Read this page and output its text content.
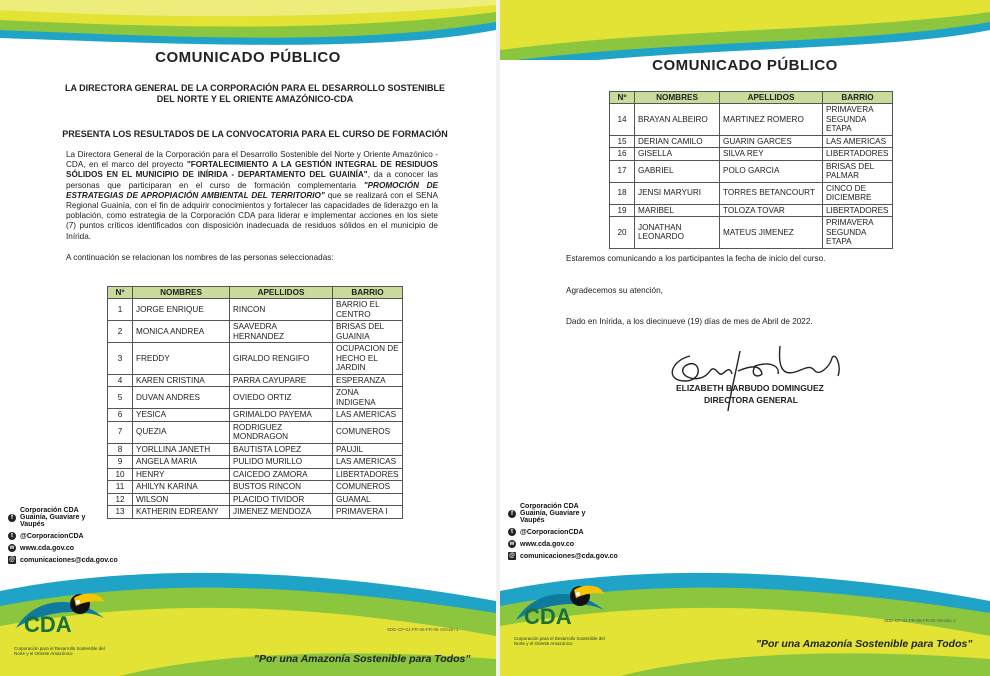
COMUNICADO PÚBLICO
LA DIRECTORA GENERAL DE LA CORPORACIÓN PARA EL DESARROLLO SOSTENIBLE
DEL NORTE Y EL ORIENTE AMAZÓNICO-CDA
PRESENTA LOS RESULTADOS DE LA CONVOCATORIA PARA EL CURSO DE FORMACIÓN
La Directora General de la Corporación para el Desarrollo Sostenible del Norte y Oriente Amazónico - CDA, en el marco del proyecto "FORTALECIMIENTO A LA GESTIÓN INTEGRAL DE RESIDUOS SÓLIDOS EN EL MUNICIPIO DE INÍRIDA - DEPARTAMENTO DEL GUAINÍA", da a conocer las personas que participaran en el curso de formación complementaria "PROMOCIÓN DE ESTRATEGIAS DE APROPIACIÓN AMBIENTAL DEL TERRITORIO" que se realizará con el SENA Regional Guainía, con el fin de adquirir conocimientos y fortalecer las capacidades de liderazgo en la población, como estrategia de la Corporación CDA para liderar e implementar acciones en los siete (7) puntos críticos identificados con disposición inadecuada de residuos sólidos en el municipio de Inírida.
A continuación se relacionan los nombres de las personas seleccionadas:
Nº	NOMBRES	APELLIDOS	BARRIO
1	JORGE ENRIQUE	RINCON	BARRIO EL CENTRO
2	MONICA ANDREA	SAAVEDRA HERNANDEZ	BRISAS DEL GUAINIA
3	FREDDY	GIRALDO RENGIFO	OCUPACION DE HECHO EL JARDIN
4	KAREN CRISTINA	PARRA CAYUPARE	ESPERANZA
5	DUVAN ANDRES	OVIEDO ORTIZ	ZONA INDIGENA
6	YESICA	GRIMALDO PAYEMA	LAS AMERICAS
7	QUEZIA	RODRIGUEZ MONDRAGON	COMUNEROS
8	YORLLINA JANETH	BAUTISTA LOPEZ	PAUJIL
9	ANGELA MARIA	PULIDO MURILLO	LAS AMERICAS
10	HENRY	CAICEDO ZAMORA	LIBERTADORES
11	AHILYN KARINA	BUSTOS RINCON	COMUNEROS
12	WILSON	PLACIDO TIVIDOR	GUAMAL
13	KATHERIN EDREANY	JIMENEZ MENDOZA	PRIMAVERA I
f
Corporación CDA Guainía, Guaviare y Vaupés
t	@CorporacionCDA
w www.cda.gov.co
@ comunicaciones@cda.gov.co
CDA
Corporación para el Desarrollo Sostenible del Norte y el Oriente Amazónico
SDE-CP-01-FR-06-FR-06 Versión 1
"Por una Amazonía Sostenible para Todos"
COMUNICADO PÚBLICO
Nº	NOMBRES	APELLIDOS	BARRIO
14	BRAYAN ALBEIRO	MARTINEZ ROMERO	PRIMAVERA SEGUNDA ETAPA
15	DERIAN CAMILO	GUARIN GARCES	LAS AMERICAS
16	GISELLA	SILVA REY	LIBERTADORES
17	GABRIEL	POLO GARCIA	BRISAS DEL PALMAR
18	JENSI MARYURI	TORRES BETANCOURT	CINCO DE DICIEMBRE
19	MARIBEL	TOLOZA TOVAR	LIBERTADORES
20	JONATHAN LEONARDO	MATEUS JIMENEZ	PRIMAVERA SEGUNDA ETAPA
Estaremos comunicando a los participantes la fecha de inicio del curso.
Agradecemos su atención,
Dado en Inírida, a los diecinueve (19) días de mes de Abril de 2022.
ELIZABETH BARBUDO DOMINGUEZ
DIRECTORA GENERAL
f
Corporación CDA Guainía, Guaviare y Vaupés
t	@CorporacionCDA
w www.cda.gov.co
@ comunicaciones@cda.gov.co
CDA
Corporación para el Desarrollo Sostenible del Norte y el Oriente Amazónico
SDE-CP-01-FR-06-FR-06 Versión 1
"Por una Amazonía Sostenible para Todos"
